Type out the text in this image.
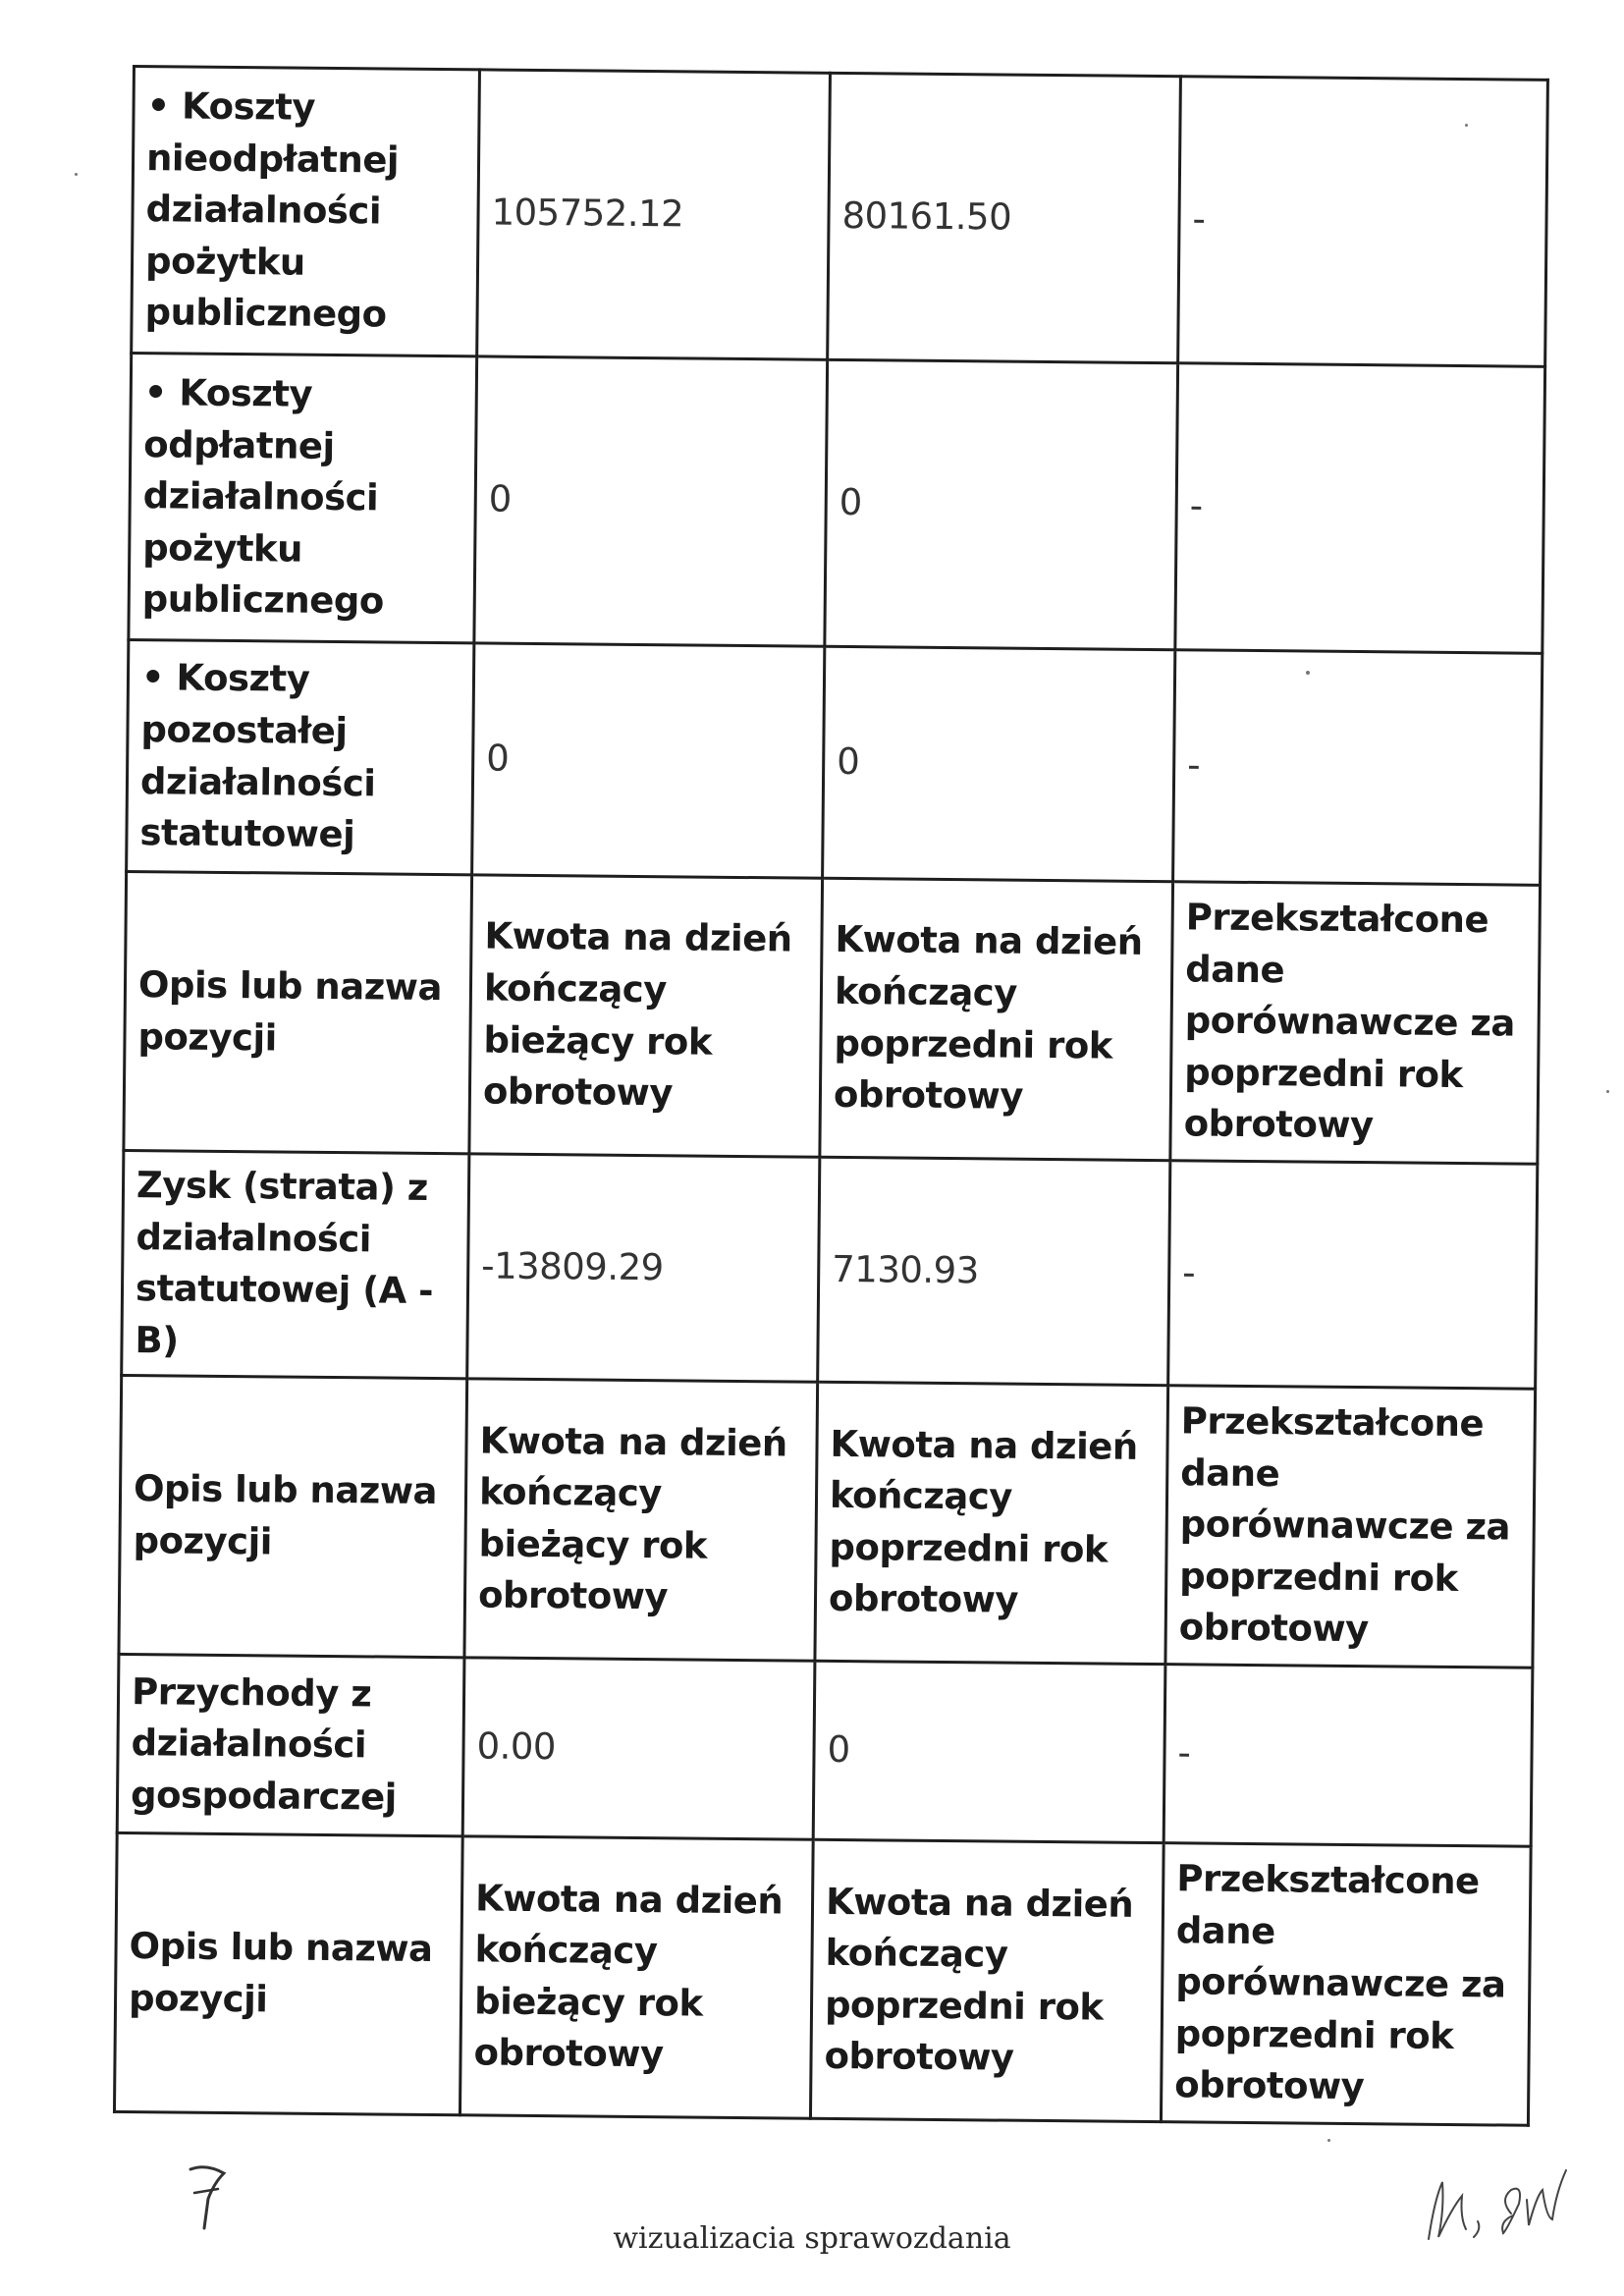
• Koszty nieodpłatnej działalności pożytku publicznego	105752.12	80161.50	-
• Koszty odpłatnej działalności pożytku publicznego	0	0	-
• Koszty pozostałej działalności statutowej	0	0	-
Opis lub nazwa pozycji	Kwota na dzień kończący bieżący rok obrotowy	Kwota na dzień kończący poprzedni rok obrotowy	Przekształcone dane porównawcze za poprzedni rok obrotowy
Zysk (strata) z działalności statutowej (A - B)	-13809.29	7130.93	-
Opis lub nazwa pozycji	Kwota na dzień kończący bieżący rok obrotowy	Kwota na dzień kończący poprzedni rok obrotowy	Przekształcone dane porównawcze za poprzedni rok obrotowy
Przychody z działalności gospodarczej	0.00	0	-
Opis lub nazwa pozycji	Kwota na dzień kończący bieżący rok obrotowy	Kwota na dzień kończący poprzedni rok obrotowy	Przekształcone dane porównawcze za poprzedni rok obrotowy
wizualizacia sprawozdania
